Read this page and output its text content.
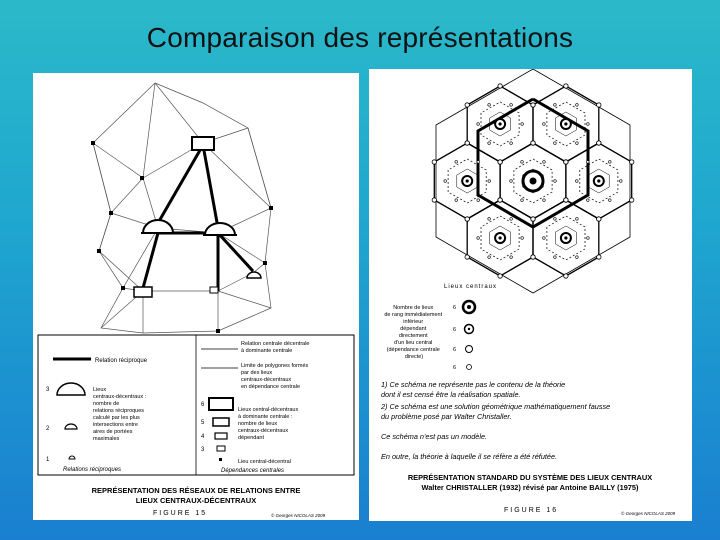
Comparaison des représentations
Relation réciproque
Relation centrale décentrale
à dominante centrale
Limite de polygones formés par des lieux centraux-décentraux en dépendance centrale
3
2
1
Lieux centraux-décentraux : nombre de relations réciproques calculé par les plus intersections entre aires de portées maximales
Relations réciproques
6
5
4
3
Lieux central-décentraux à dominante centrale : nombre de lieux centraux-décentraux dépendant
Lieu central-décentral
Dépendances centrales
REPRÉSENTATION DES RÉSEAUX DE RELATIONS ENTRE
LIEUX CENTRAUX-DÉCENTRAUX
FIGURE 15	© Georges NICOLAS 2009
Lieux centraux
Nombre de lieux de rang immédiatement inférieur dépendant directement d'un lieu central (dépendance centrale directe)
6
6
6
6
1) Ce schéma ne représente pas le contenu de la théorie dont il est censé être la réalisation spatiale. 2) Ce schéma est une solution géométrique mathématiquement fausse du problème posé par Walter Christaller. Ce schéma n'est pas un modèle. En outre, la théorie à laquelle il se réfère a été réfutée.
REPRÉSENTATION STANDARD DU SYSTÈME DES LIEUX CENTRAUX
Walter CHRISTALLER (1932) révisé par Antoine BAILLY (1975)
FIGURE 16	© Georges NICOLAS 2009
